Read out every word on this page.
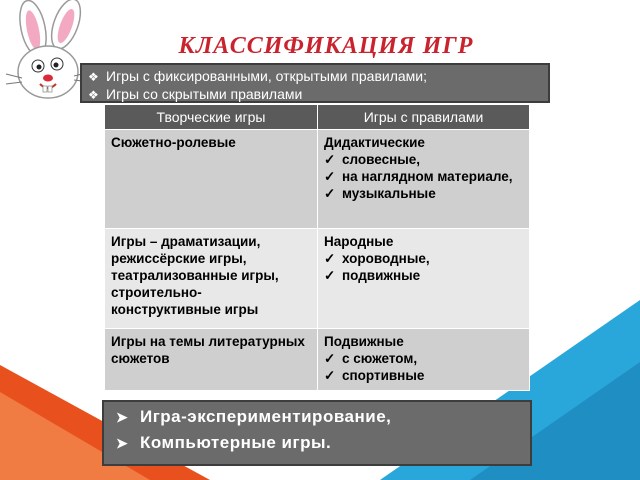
КЛАССИФИКАЦИЯ ИГР
❖ Игры с фиксированными, открытыми правилами;
❖ Игры со скрытыми правилами
Творческие игры	Игры с правилами
Сюжетно-ролевые	Дидактические
✓ словесные,
✓ на наглядном материале,
✓ музыкальные

Игры – драматизации, режиссёрские игры, театрализованные игры, строительно-конструктивные игры	Народные
✓ хороводные,
✓ подвижные

Игры на темы литературных сюжетов	Подвижные
✓ с сюжетом,
✓ спортивные
➤ Игра-экспериментирование,
➤ Компьютерные игры.
